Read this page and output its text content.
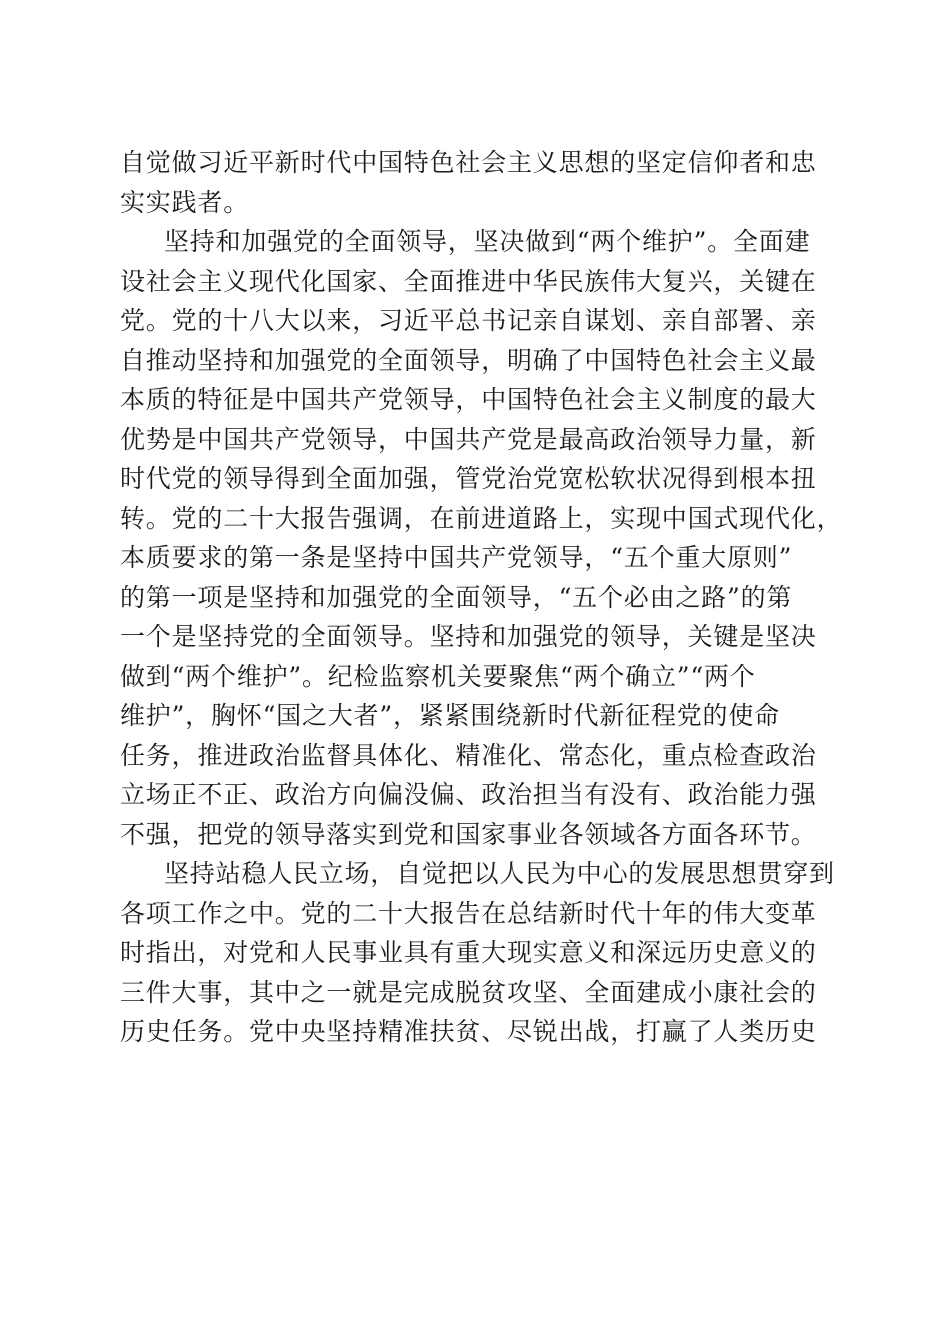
自觉做习近平新时代中国特色社会主义思想的坚定信仰者和忠
实实践者。
坚持和加强党的全面领导，坚决做到“两个维护”。全面建
设社会主义现代化国家、全面推进中华民族伟大复兴，关键在
党。党的十八大以来，习近平总书记亲自谋划、亲自部署、亲
自推动坚持和加强党的全面领导，明确了中国特色社会主义最
本质的特征是中国共产党领导，中国特色社会主义制度的最大
优势是中国共产党领导，中国共产党是最高政治领导力量，新
时代党的领导得到全面加强，管党治党宽松软状况得到根本扭
转。党的二十大报告强调，在前进道路上，实现中国式现代化，
本质要求的第一条是坚持中国共产党领导，“五个重大原则”
的第一项是坚持和加强党的全面领导，“五个必由之路”的第
一个是坚持党的全面领导。坚持和加强党的领导，关键是坚决
做到“两个维护”。纪检监察机关要聚焦“两个确立”“两个
维护”，胸怀“国之大者”，紧紧围绕新时代新征程党的使命
任务，推进政治监督具体化、精准化、常态化，重点检查政治
立场正不正、政治方向偏没偏、政治担当有没有、政治能力强
不强，把党的领导落实到党和国家事业各领域各方面各环节。
坚持站稳人民立场，自觉把以人民为中心的发展思想贯穿到
各项工作之中。党的二十大报告在总结新时代十年的伟大变革
时指出，对党和人民事业具有重大现实意义和深远历史意义的
三件大事，其中之一就是完成脱贫攻坚、全面建成小康社会的
历史任务。党中央坚持精准扶贫、尽锐出战，打赢了人类历史
